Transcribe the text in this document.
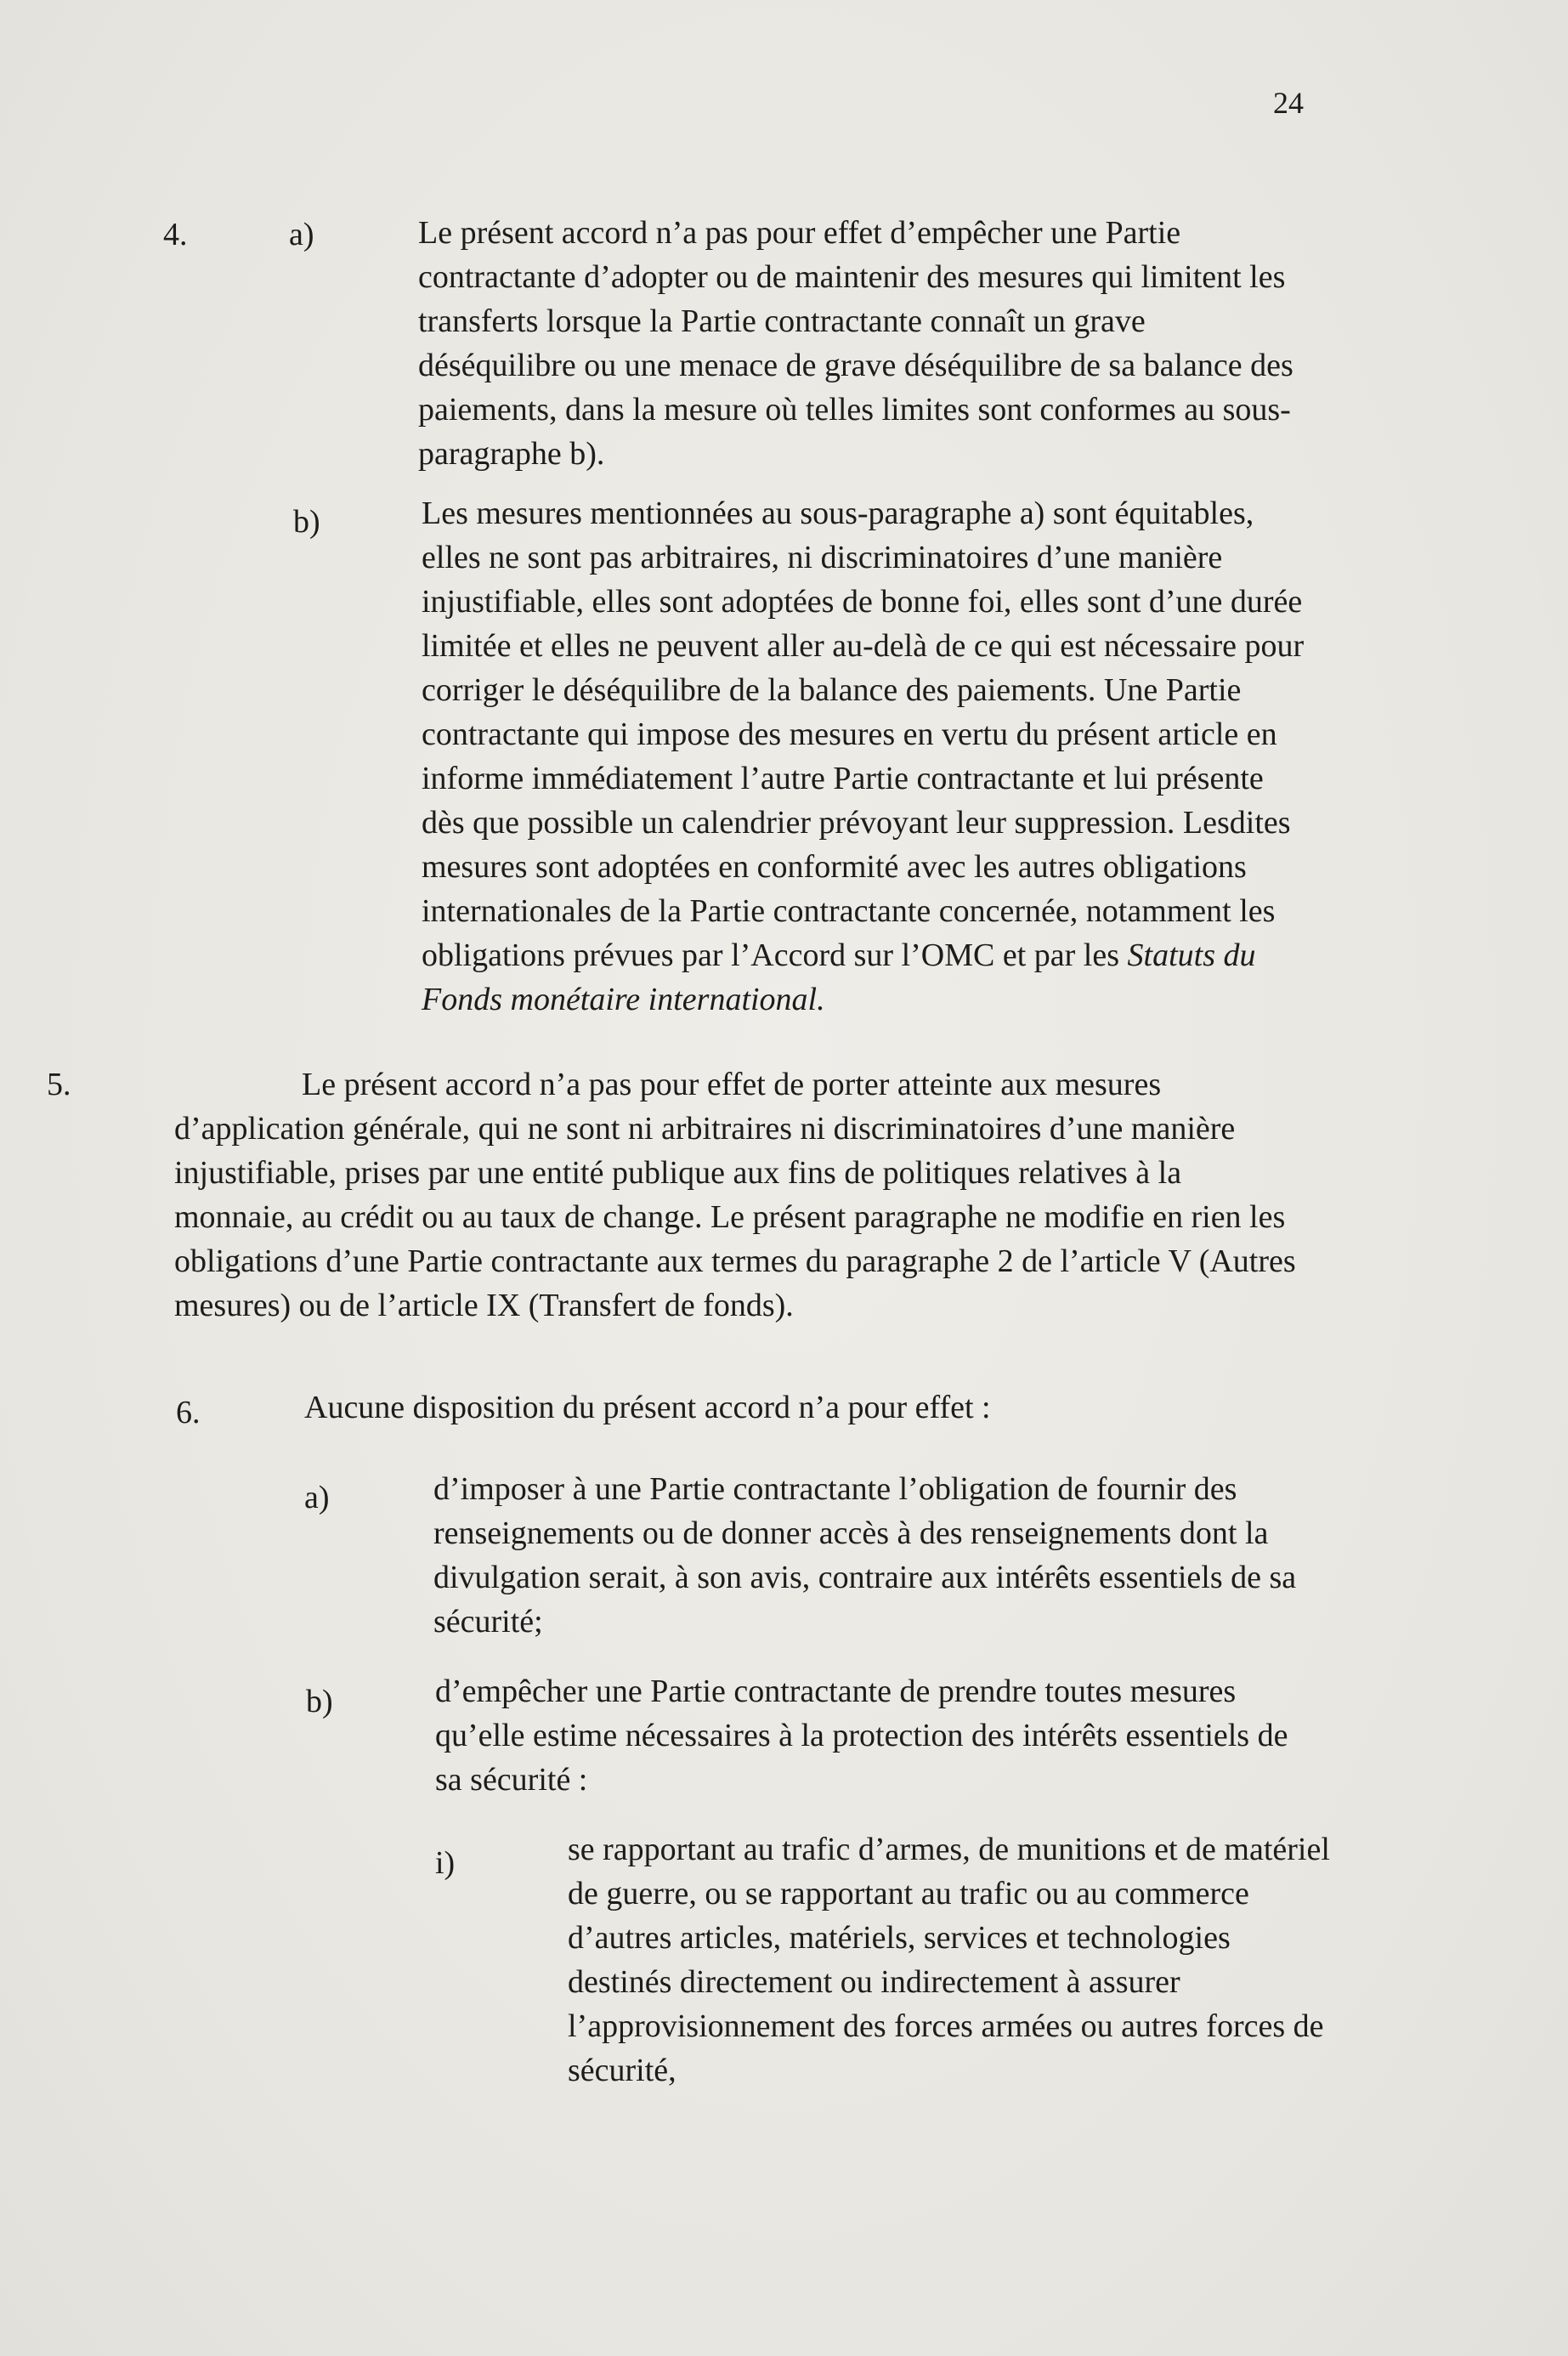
24
4.	a)	Le présent accord n’a pas pour effet d’empêcher une Partie contractante d’adopter ou de maintenir des mesures qui limitent les transferts lorsque la Partie contractante connaît un grave déséquilibre ou une menace de grave déséquilibre de sa balance des paiements, dans la mesure où telles limites sont conformes au sous-paragraphe b).

b)	Les mesures mentionnées au sous-paragraphe a) sont équitables, elles ne sont pas arbitraires, ni discriminatoires d’une manière injustifiable, elles sont adoptées de bonne foi, elles sont d’une durée limitée et elles ne peuvent aller au-delà de ce qui est nécessaire pour corriger le déséquilibre de la balance des paiements. Une Partie contractante qui impose des mesures en vertu du présent article en informe immédiatement l’autre Partie contractante et lui présente dès que possible un calendrier prévoyant leur suppression. Lesdites mesures sont adoptées en conformité avec les autres obligations internationales de la Partie contractante concernée, notamment les obligations prévues par l’Accord sur l’OMC et par les Statuts du Fonds monétaire international.

5.	Le présent accord n’a pas pour effet de porter atteinte aux mesures d’application générale, qui ne sont ni arbitraires ni discriminatoires d’une manière injustifiable, prises par une entité publique aux fins de politiques relatives à la monnaie, au crédit ou au taux de change. Le présent paragraphe ne modifie en rien les obligations d’une Partie contractante aux termes du paragraphe 2 de l’article V (Autres mesures) ou de l’article IX (Transfert de fonds).

6.	Aucune disposition du présent accord n’a pour effet :
a)	d’imposer à une Partie contractante l’obligation de fournir des renseignements ou de donner accès à des renseignements dont la divulgation serait, à son avis, contraire aux intérêts essentiels de sa sécurité;

b)	d’empêcher une Partie contractante de prendre toutes mesures qu’elle estime nécessaires à la protection des intérêts essentiels de sa sécurité :

i)	se rapportant au trafic d’armes, de munitions et de matériel de guerre, ou se rapportant au trafic ou au commerce d’autres articles, matériels, services et technologies destinés directement ou indirectement à assurer l’approvisionnement des forces armées ou autres forces de sécurité,
